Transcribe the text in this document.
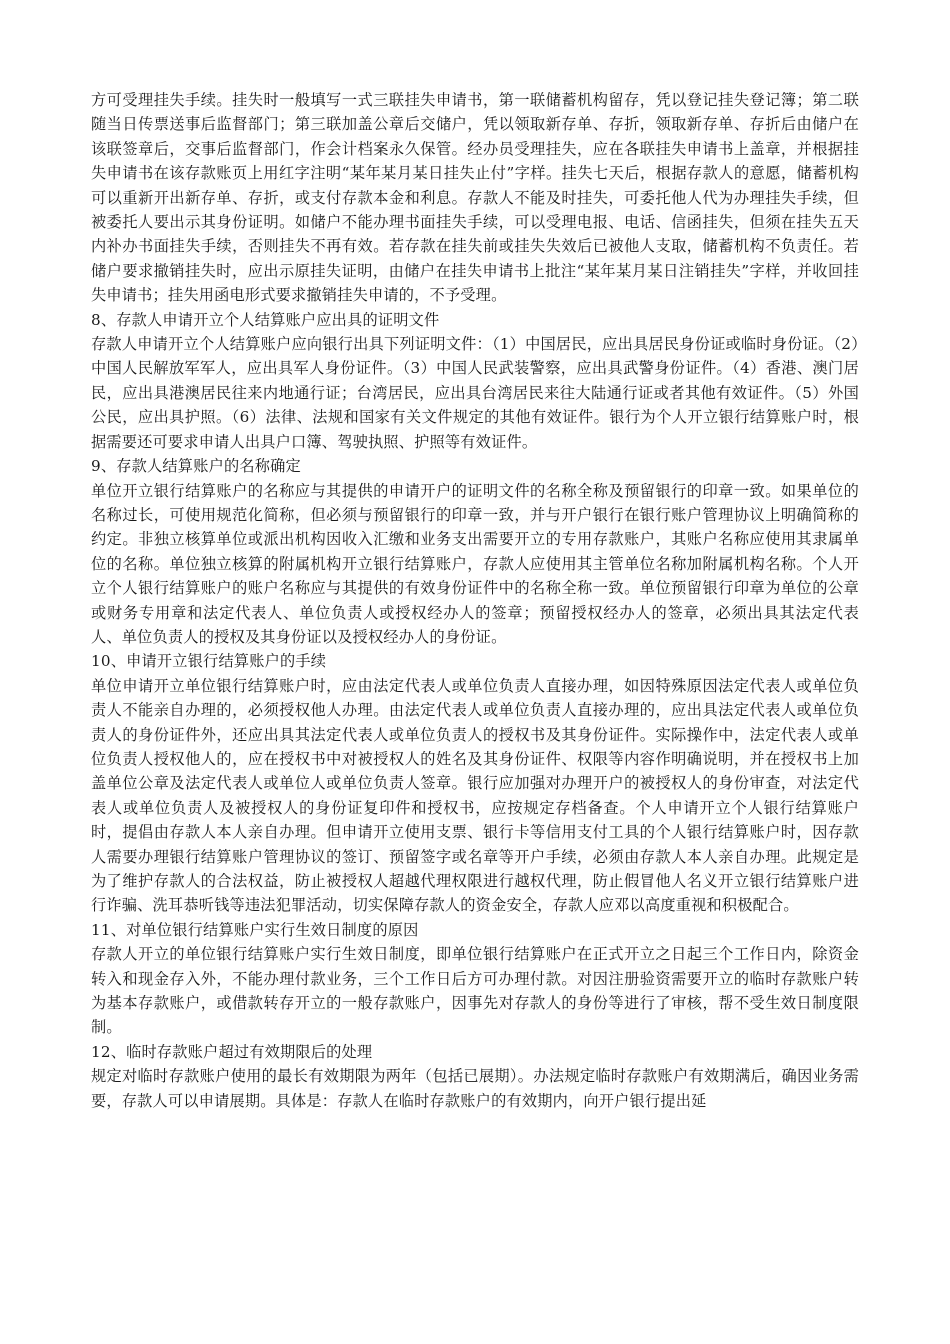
方可受理挂失手续。挂失时一般填写一式三联挂失申请书，第一联储蓄机构留存，凭以登记挂失登记簿；第二联随当日传票送事后监督部门；第三联加盖公章后交储户，凭以领取新存单、存折，领取新存单、存折后由储户在该联签章后，交事后监督部门，作会计档案永久保管。经办员受理挂失，应在各联挂失申请书上盖章，并根据挂失申请书在该存款账页上用红字注明“某年某月某日挂失止付”字样。挂失七天后，根据存款人的意愿，储蓄机构可以重新开出新存单、存折，或支付存款本金和利息。存款人不能及时挂失，可委托他人代为办理挂失手续，但被委托人要出示其身份证明。如储户不能办理书面挂失手续，可以受理电报、电话、信函挂失，但须在挂失五天内补办书面挂失手续，否则挂失不再有效。若存款在挂失前或挂失失效后已被他人支取，储蓄机构不负责任。若储户要求撤销挂失时，应出示原挂失证明，由储户在挂失申请书上批注“某年某月某日注销挂失”字样，并收回挂失申请书；挂失用函电形式要求撤销挂失申请的，不予受理。

8、存款人申请开立个人结算账户应出具的证明文件

存款人申请开立个人结算账户应向银行出具下列证明文件：（1）中国居民，应出具居民身份证或临时身份证。（2）中国人民解放军军人，应出具军人身份证件。（3）中国人民武装警察，应出具武警身份证件。（4）香港、澳门居民，应出具港澳居民往来内地通行证；台湾居民，应出具台湾居民来往大陆通行证或者其他有效证件。（5）外国公民，应出具护照。（6）法律、法规和国家有关文件规定的其他有效证件。银行为个人开立银行结算账户时，根据需要还可要求申请人出具户口簿、驾驶执照、护照等有效证件。

9、存款人结算账户的名称确定

单位开立银行结算账户的名称应与其提供的申请开户的证明文件的名称全称及预留银行的印章一致。如果单位的名称过长，可使用规范化简称，但必须与预留银行的印章一致，并与开户银行在银行账户管理协议上明确简称的约定。非独立核算单位或派出机构因收入汇缴和业务支出需要开立的专用存款账户，其账户名称应使用其隶属单位的名称。单位独立核算的附属机构开立银行结算账户，存款人应使用其主管单位名称加附属机构名称。个人开立个人银行结算账户的账户名称应与其提供的有效身份证件中的名称全称一致。单位预留银行印章为单位的公章或财务专用章和法定代表人、单位负责人或授权经办人的签章；预留授权经办人的签章，必须出具其法定代表人、单位负责人的授权及其身份证以及授权经办人的身份证。

10、申请开立银行结算账户的手续

单位申请开立单位银行结算账户时，应由法定代表人或单位负责人直接办理，如因特殊原因法定代表人或单位负责人不能亲自办理的，必须授权他人办理。由法定代表人或单位负责人直接办理的，应出具法定代表人或单位负责人的身份证件外，还应出具其法定代表人或单位负责人的授权书及其身份证件。实际操作中，法定代表人或单位负责人授权他人的，应在授权书中对被授权人的姓名及其身份证件、权限等内容作明确说明，并在授权书上加盖单位公章及法定代表人或单位人或单位负责人签章。银行应加强对办理开户的被授权人的身份审查，对法定代表人或单位负责人及被授权人的身份证复印件和授权书，应按规定存档备查。个人申请开立个人银行结算账户时，提倡由存款人本人亲自办理。但申请开立使用支票、银行卡等信用支付工具的个人银行结算账户时，因存款人需要办理银行结算账户管理协议的签订、预留签字或名章等开户手续，必须由存款人本人亲自办理。此规定是为了维护存款人的合法权益，防止被授权人超越代理权限进行越权代理，防止假冒他人名义开立银行结算账户进行诈骗、洗耳恭听钱等违法犯罪活动，切实保障存款人的资金安全，存款人应邓以高度重视和积极配合。

11、对单位银行结算账户实行生效日制度的原因

存款人开立的单位银行结算账户实行生效日制度，即单位银行结算账户在正式开立之日起三个工作日内，除资金转入和现金存入外，不能办理付款业务，三个工作日后方可办理付款。对因注册验资需要开立的临时存款账户转为基本存款账户，或借款转存开立的一般存款账户，因事先对存款人的身份等进行了审核，帮不受生效日制度限制。

12、临时存款账户超过有效期限后的处理

规定对临时存款账户使用的最长有效期限为两年（包括已展期）。办法规定临时存款账户有效期满后，确因业务需要，存款人可以申请展期。具体是：存款人在临时存款账户的有效期内，向开户银行提出延
